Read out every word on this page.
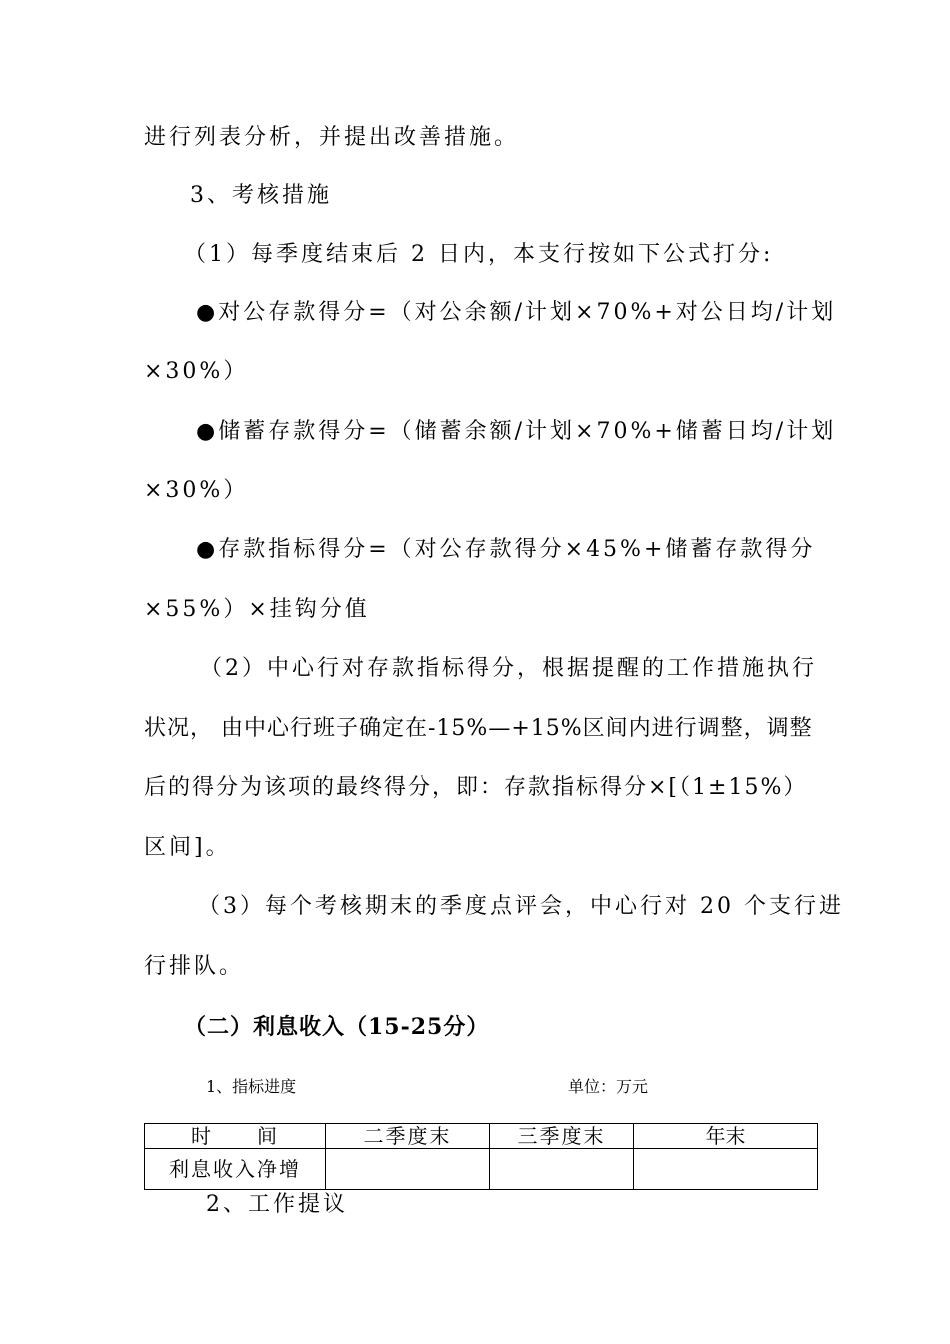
进行列表分析，并提出改善措施。
3、考核措施
（1）每季度结束后 2 日内，本支行按如下公式打分:
●对公存款得分=（对公余额/计划×70%+对公日均/计划
×30%）
●储蓄存款得分=（储蓄余额/计划×70%+储蓄日均/计划
×30%）
●存款指标得分=（对公存款得分×45%+储蓄存款得分
×55%）×挂钩分值
（2）中心行对存款指标得分，根据提醒的工作措施执行
状况， 由中心行班子确定在-15%—+15%区间内进行调整，调整
后的得分为该项的最终得分，即：存款指标得分×[（1±15%）
区间]。
（3）每个考核期末的季度点评会，中心行对 20 个支行进
行排队。
（二）利息收入（15-25分）
1、指标进度	单位：万元
时　　间	二季度末	三季度末	年末
利息收入净增			
2、工作提议
